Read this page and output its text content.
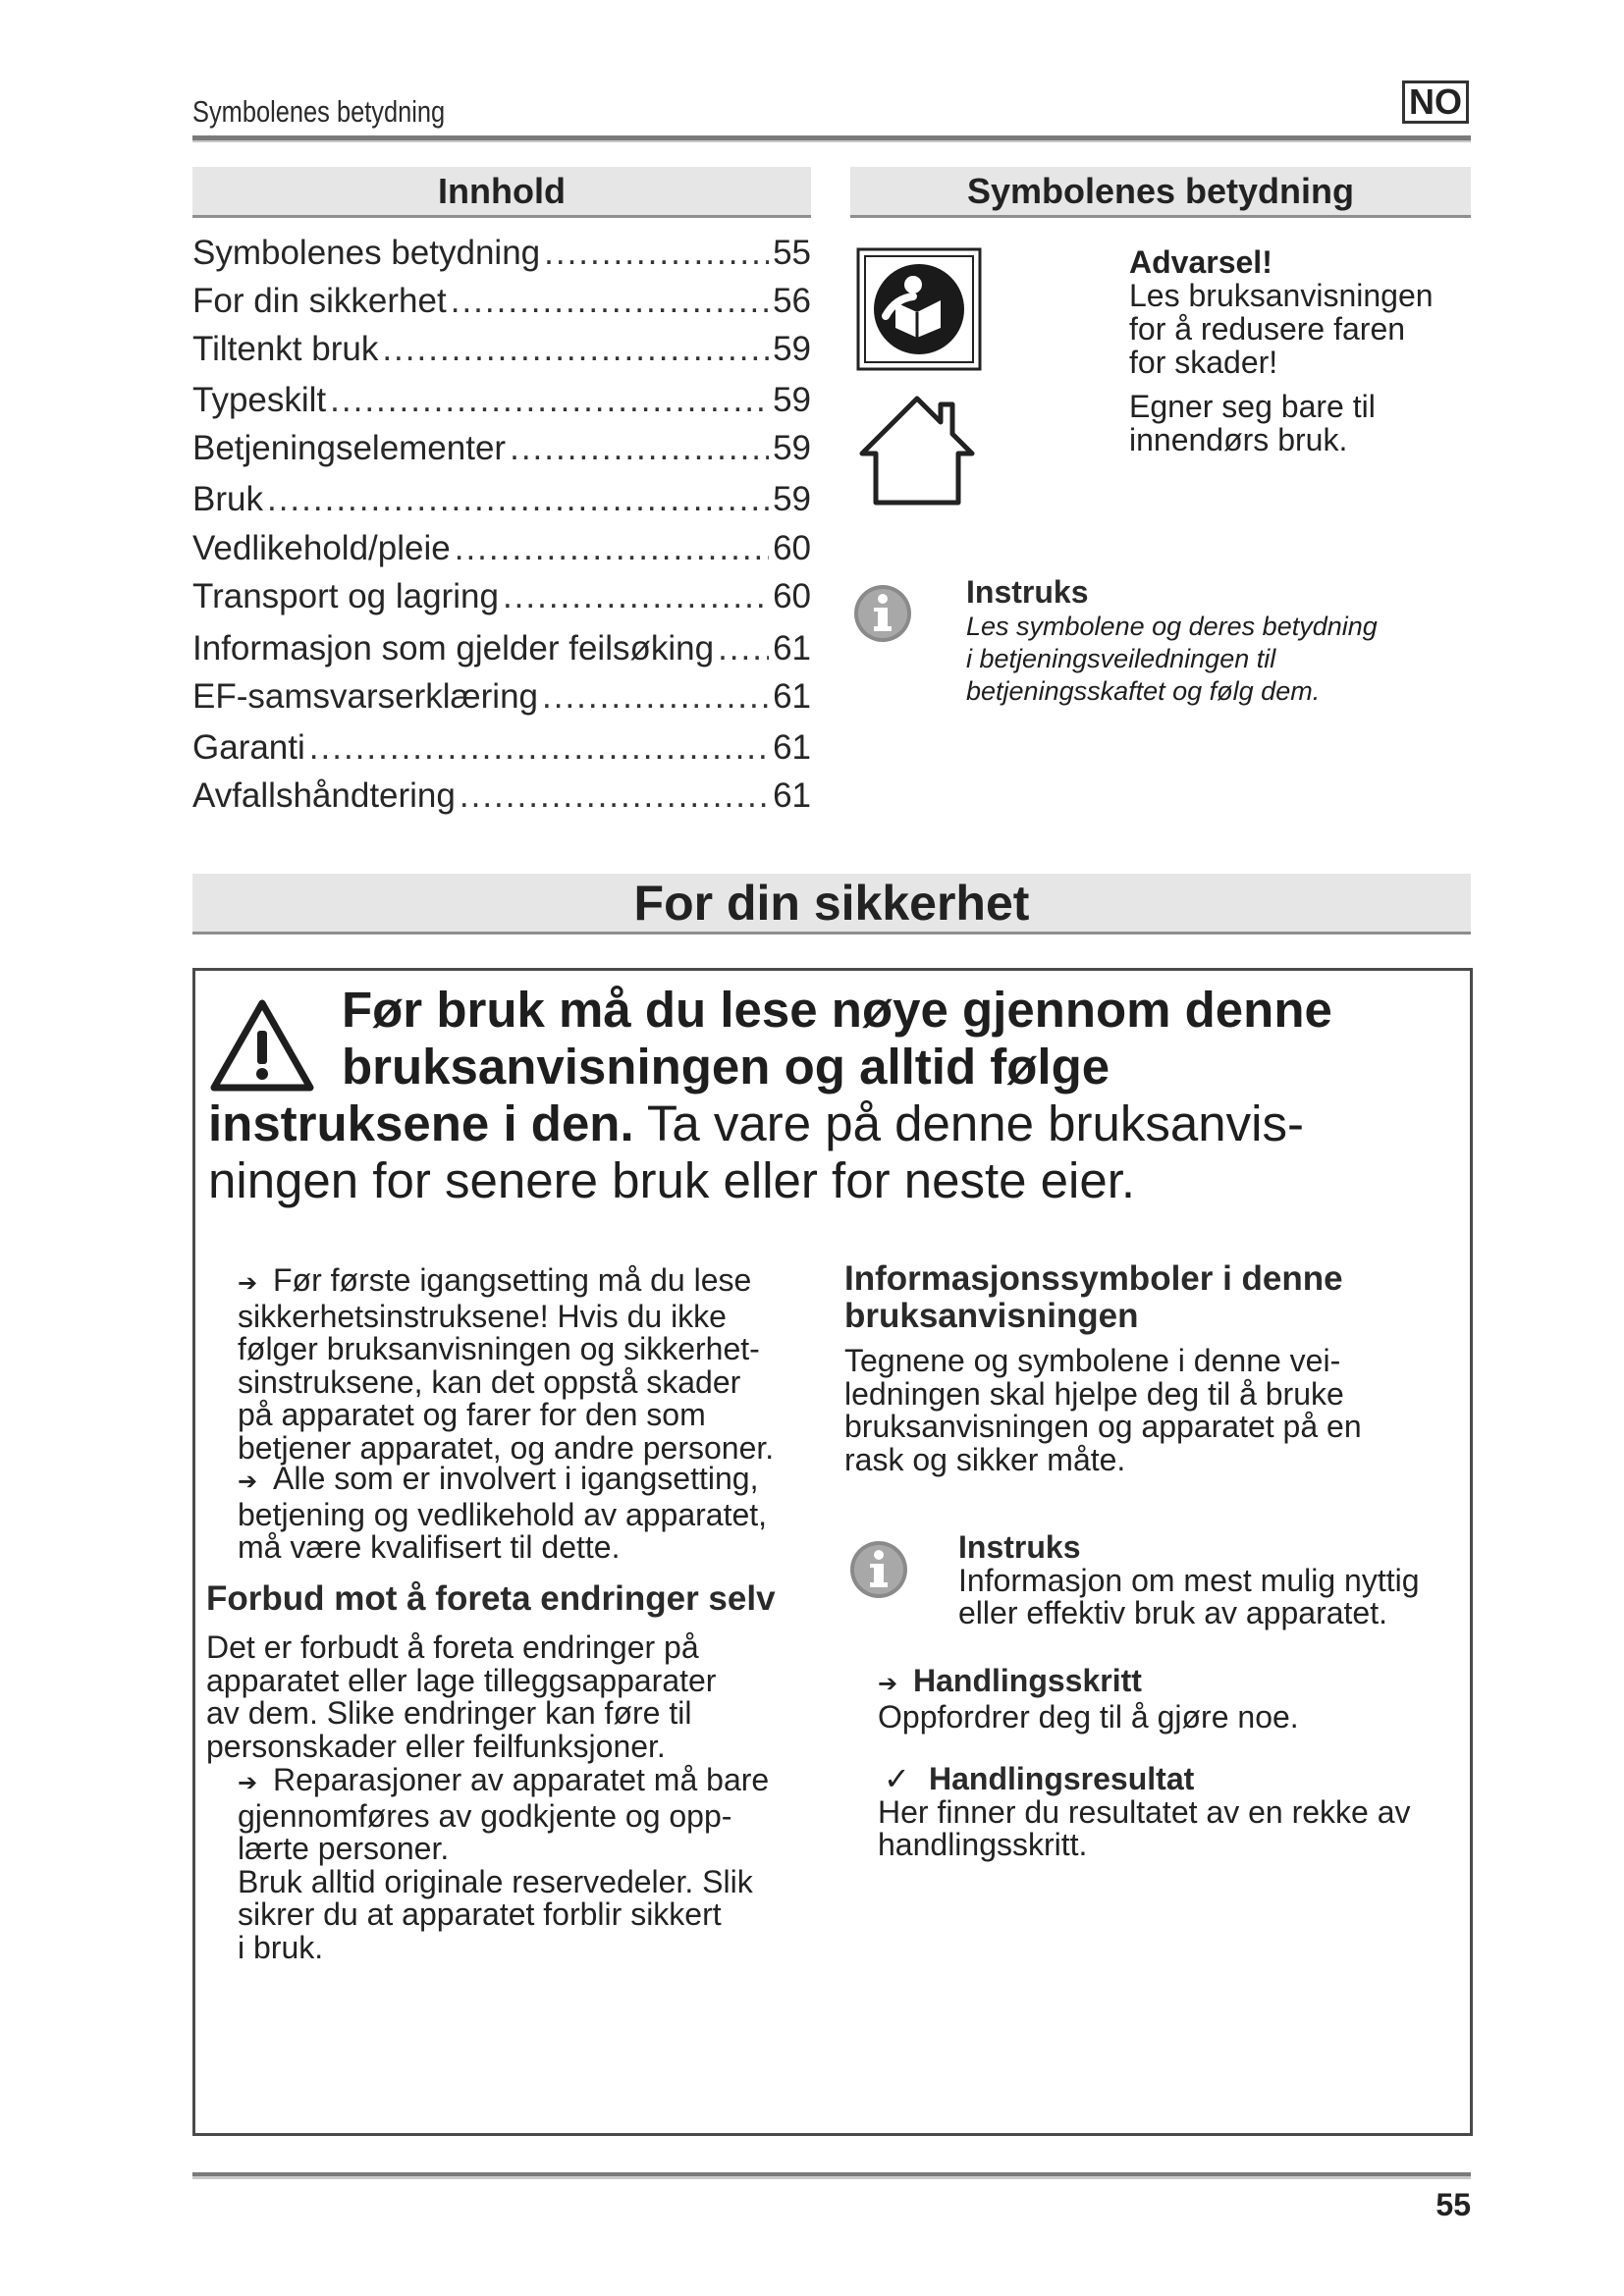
Symbolenes betydning	NO
Innhold
Symbolenes betydning .....	55
For din sikkerhet .....	56
Tiltenkt bruk .....	59
Typeskilt .....	59
Betjeningselementer .....	59
Bruk .....	59
Vedlikehold/pleie .....	60
Transport og lagring .....	60
Informasjon som gjelder feilsøking ..... 61
EF-samsvarserklæring .....	61
Garanti .....	61
Avfallshåndtering .....	61
Symbolenes betydning
Advarsel!
Les bruksanvisningen
for å redusere faren
for skader!
Egner seg bare til
innendørs bruk.
Instruks
Les symbolene og deres betydning
i betjeningsveiledningen til
betjeningsskaftet og følg dem.
For din sikkerhet
Før bruk må du lese nøye gjennom denne
bruksanvisningen og alltid følge
instruksene i den. Ta vare på denne bruksanvis-
ningen for senere bruk eller for neste eier.
➔ Før første igangsetting må du lese
sikkerhetsinstruksene! Hvis du ikke
følger bruksanvisningen og sikkerhet-
sinstruksene, kan det oppstå skader
på apparatet og farer for den som
betjener apparatet, og andre personer.
➔ Alle som er involvert i igangsetting,
betjening og vedlikehold av apparatet,
må være kvalifisert til dette.
Forbud mot å foreta endringer selv
Det er forbudt å foreta endringer på
apparatet eller lage tilleggsapparater
av dem. Slike endringer kan føre til
personskader eller feilfunksjoner.
➔ Reparasjoner av apparatet må bare
gjennomføres av godkjente og opp-
lærte personer.
Bruk alltid originale reservedeler. Slik
sikrer du at apparatet forblir sikkert
i bruk.
Informasjonssymboler i denne
bruksanvisningen
Tegnene og symbolene i denne vei-
ledningen skal hjelpe deg til å bruke
bruksanvisningen og apparatet på en
rask og sikker måte.
Instruks
Informasjon om mest mulig nyttig
eller effektiv bruk av apparatet.
➔ Handlingsskritt
Oppfordrer deg til å gjøre noe.
✓ Handlingsresultat
Her finner du resultatet av en rekke av
handlingsskritt.
55
